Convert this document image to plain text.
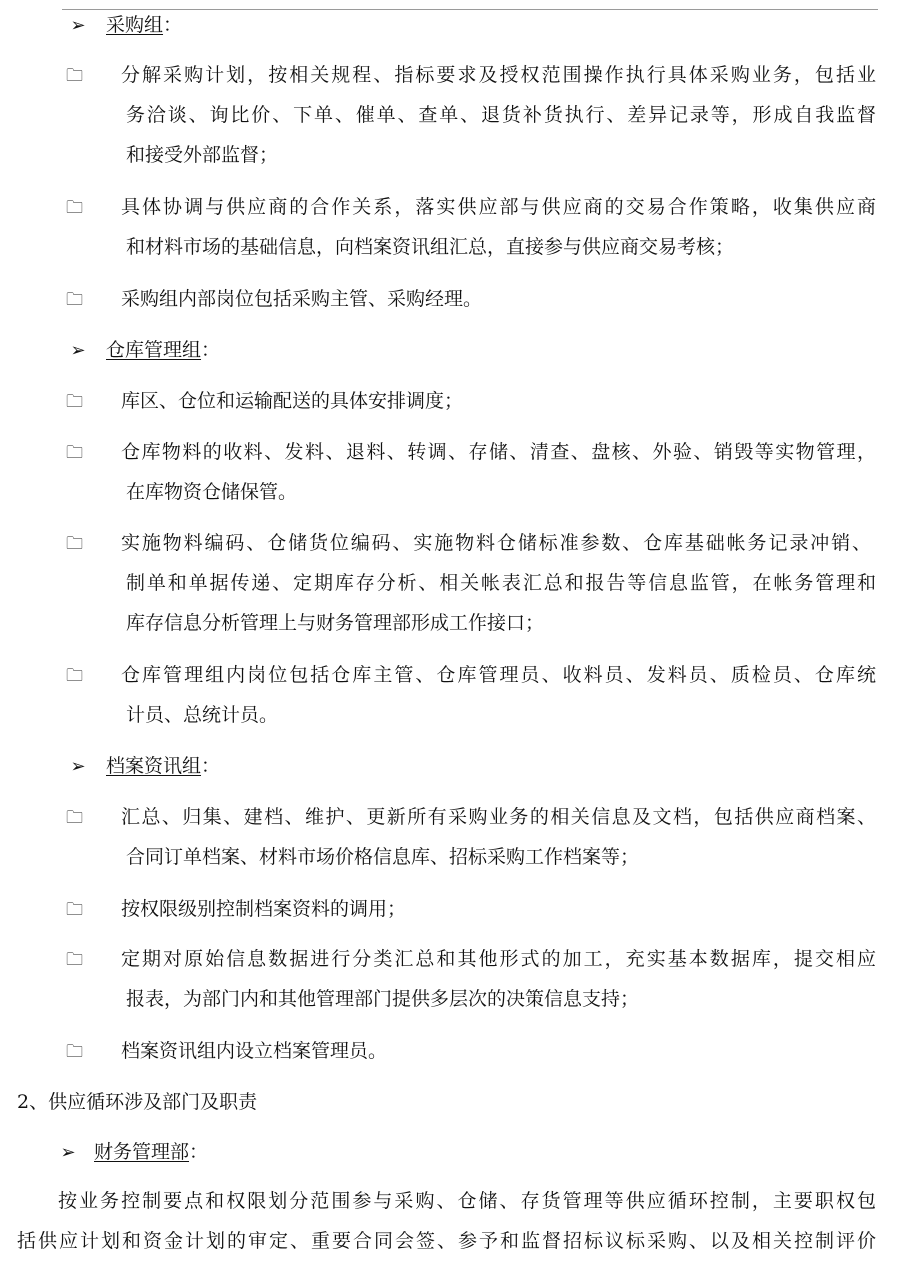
➢ 采购组：
🗀	分解采购计划，按相关规程、指标要求及授权范围操作执行具体采购业务，包括业
务洽谈、询比价、下单、催单、查单、退货补货执行、差异记录等，形成自我监督
和接受外部监督；
🗀	具体协调与供应商的合作关系，落实供应部与供应商的交易合作策略，收集供应商
和材料市场的基础信息，向档案资讯组汇总，直接参与供应商交易考核；
🗀	采购组内部岗位包括采购主管、采购经理。
➢ 仓库管理组：
🗀	库区、仓位和运输配送的具体安排调度；
🗀	仓库物料的收料、发料、退料、转调、存储、清查、盘核、外验、销毁等实物管理，
在库物资仓储保管。
🗀	实施物料编码、仓储货位编码、实施物料仓储标准参数、仓库基础帐务记录冲销、
制单和单据传递、定期库存分析、相关帐表汇总和报告等信息监管，在帐务管理和
库存信息分析管理上与财务管理部形成工作接口；
🗀	仓库管理组内岗位包括仓库主管、仓库管理员、收料员、发料员、质检员、仓库统
计员、总统计员。
➢ 档案资讯组：
🗀	汇总、归集、建档、维护、更新所有采购业务的相关信息及文档，包括供应商档案、
合同订单档案、材料市场价格信息库、招标采购工作档案等；
🗀	按权限级别控制档案资料的调用；
🗀	定期对原始信息数据进行分类汇总和其他形式的加工，充实基本数据库，提交相应
报表，为部门内和其他管理部门提供多层次的决策信息支持；
🗀	档案资讯组内设立档案管理员。
2、供应循环涉及部门及职责
➢ 财务管理部：
按业务控制要点和权限划分范围参与采购、仓储、存货管理等供应循环控制，主要职权包
括供应计划和资金计划的审定、重要合同会签、参予和监督招标议标采购、以及相关控制评价
